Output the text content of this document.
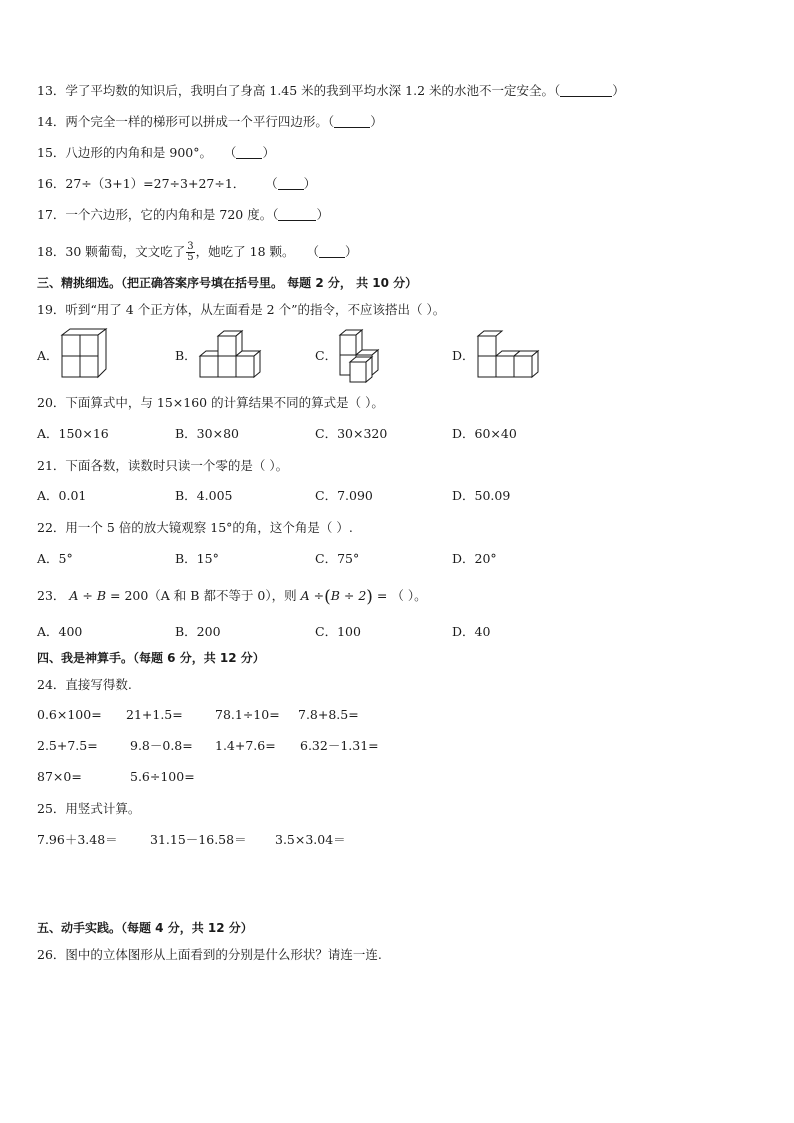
13．学了平均数的知识后，我明白了身高 1.45 米的我到平均水深 1.2 米的水池不一定安全。（	）
14．两个完全一样的梯形可以拼成一个平行四边形。（	）
15．八边形的内角和是 900°。 （ ）
16．27÷（3+1）=27÷3+27÷1． （ ）
17．一个六边形，它的内角和是 720 度。（	）
18．30 颗葡萄，文文吃了 $\frac{3}{5}$ ，她吃了 18 颗。 （ ）
三、精挑细选。（把正确答案序号填在括号里。 每题 2 分， 共 10 分）
19．听到“用了 4 个正方体，从左面看是 2 个”的指令，不应该搭出（ ）。
A．	B．	C．	D．
20．下面算式中，与 15×160 的计算结果不同的算式是（ ）。
A．150×16	B．30×80	C．30×320	D．60×40
21．下面各数，读数时只读一个零的是（ ）。
A．0.01	B．4.005	C．7.090	D．50.09
22．用一个 5 倍的放大镜观察 15°的角，这个角是（ ）.
A．5°	B．15°	C．75°	D．20°
23． A ÷ B = 200（A 和 B 都不等于 0），则 A ÷(B ÷ 2) = （ ）。
A．400	B．200	C．100	D．40
四、我是神算手。（每题 6 分，共 12 分）
24．直接写得数.
0.6×100= 21+1.5=	78.1÷10= 7.8+8.5=
2.5+7.5=	9.8－0.8= 1.4+7.6= 6.32－1.31=
87×0=	5.6÷100=
25．用竖式计算。
7.96＋3.48＝	31.15－16.58＝ 3.5×3.04＝
五、动手实践。（每题 4 分，共 12 分）
26．图中的立体图形从上面看到的分别是什么形状？请连一连.
